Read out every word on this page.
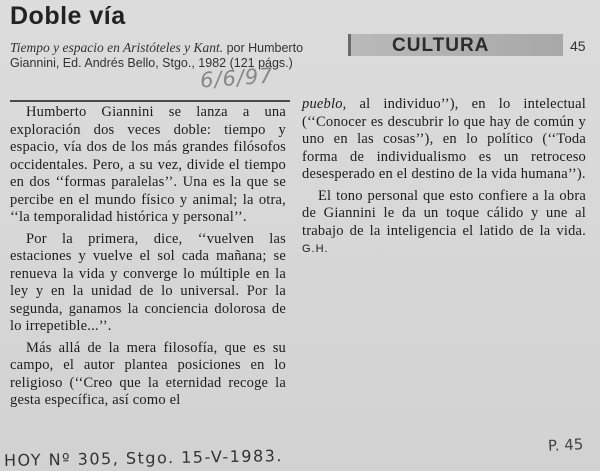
Doble vía
Tiempo y espacio en Aristóteles y Kant. por Humberto Giannini, Ed. Andrés Bello, Stgo., 1982 (121 págs.)
6/6/97
CULTURA	45

Humberto Giannini se lanza a una exploración dos veces doble: tiempo y espacio, vía dos de los más grandes filósofos occidentales. Pero, a su vez, divide el tiempo en dos ‘‘formas paralelas’’. Una es la que se percibe en el mundo físico y animal; la otra, ‘‘la temporalidad histórica y personal’’.

Por la primera, dice, ‘‘vuelven las estaciones y vuelve el sol cada mañana; se renueva la vida y converge lo múltiple en la ley y en la unidad de lo universal. Por la segunda, ganamos la conciencia dolorosa de lo irrepetible...’’.

Más allá de la mera filosofía, que es su campo, el autor plantea posiciones en lo religioso (‘‘Creo que la eternidad recoge la gesta específica, así como el

pueblo, al individuo’’), en lo intelectual (‘‘Conocer es descubrir lo que hay de común y uno en las cosas’’), en lo político (‘‘Toda forma de individualismo es un retroceso desesperado en el destino de la vida humana’’).

El tono personal que esto confiere a la obra de Giannini le da un toque cálido y une al trabajo de la inteligencia el latido de la vida. G.H.

P. 45
HOY Nº 305, Stgo. 15-V-1983.
